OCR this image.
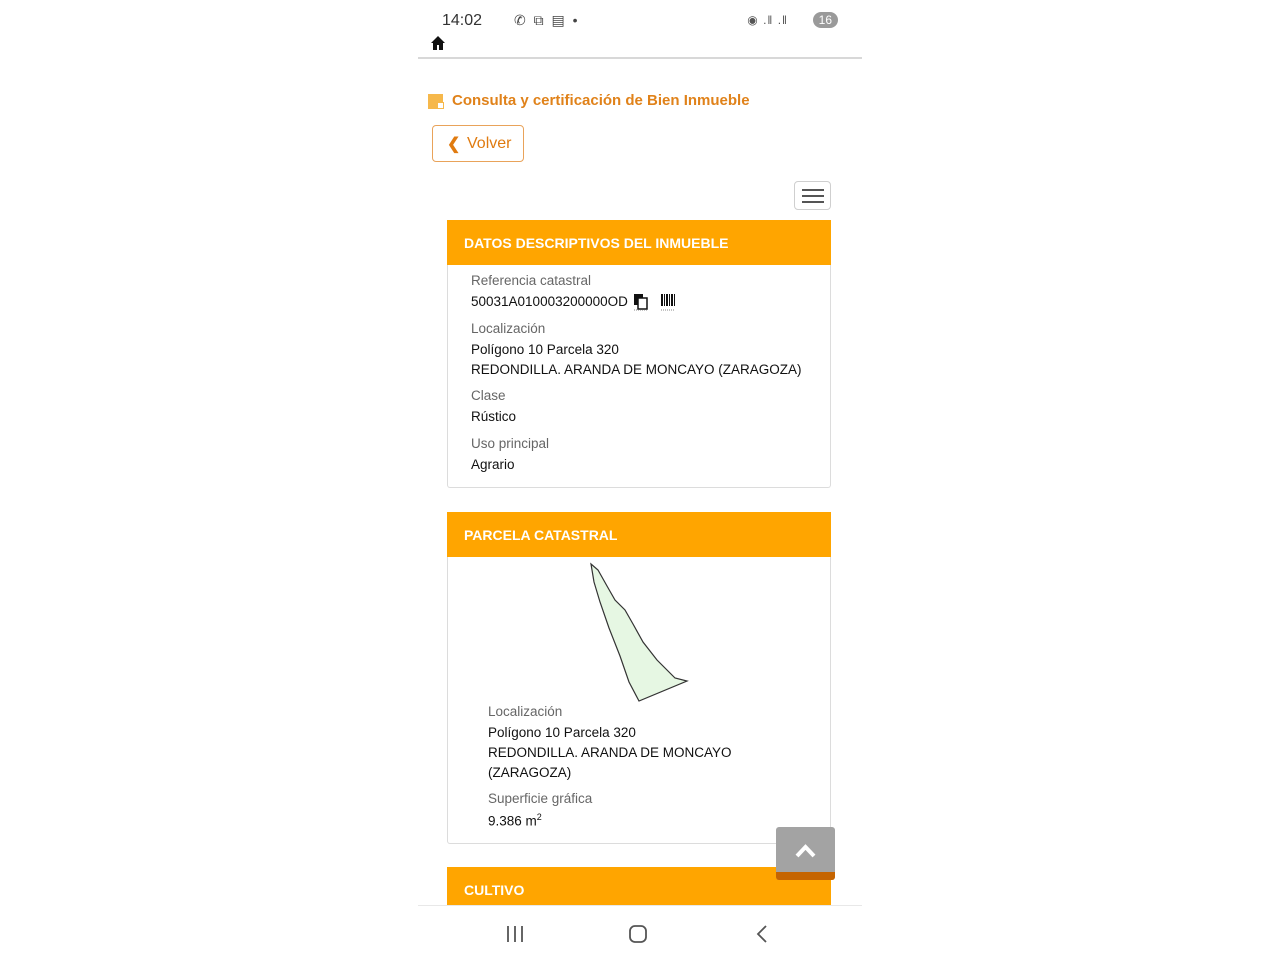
14:02 ✆ ⧉ ▤ •	◉ .‖ .‖	16
Consulta y certificación de Bien Inmueble
❮ Volver
DATOS DESCRIPTIVOS DEL INMUEBLE
Referencia catastral
50031A010003200000OD
Localización
Polígono 10 Parcela 320
REDONDILLA. ARANDA DE MONCAYO (ZARAGOZA)
Clase
Rústico
Uso principal
Agrario
PARCELA CATASTRAL
Localización
Polígono 10 Parcela 320
REDONDILLA. ARANDA DE MONCAYO
(ZARAGOZA)
Superficie gráfica
9.386 $m^2$
CULTIVO
